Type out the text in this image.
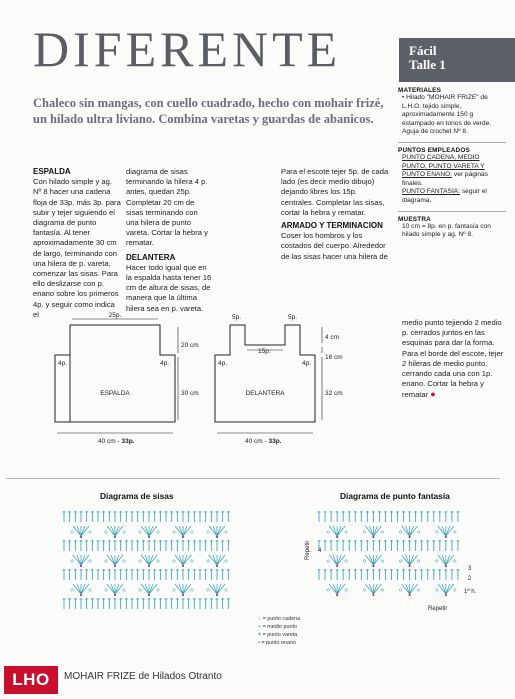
DIFERENTE	Fácil
Talle 1
Chaleco sin mangas, con cuello cuadrado, hecho con mohair frizé, un hilado ultra liviano. Combina varetas y guardas de abanicos.
ESPALDA
Con hilado simple y ag. Nº 8 hacer una cadena floja de 33p. más 3p. para subir y tejer siguiendo el diagrama de punto fantasía. Al tener aproximadamente 30 cm de largo, terminando con una hilera de p. vareta, comenzar las sisas. Para ello deslizarse con p. enano sobre los primeros 4p. y seguir como indica el
diagrama de sisas terminando la hilera 4 p. antes, quedan 25p. Completar 20 cm de sisas terminando con una hilera de punto vareta. Cortar la hebra y rematar.
DELANTERA
Hacer todo igual que en la espalda hasta tener 16 cm de altura de sisas, de manera que la última hilera sea en p. vareta.
Para el escote tejer 5p. de cada lado (es decir medio dibujo) dejando libres los 15p. centrales. Completar las sisas, cortar la hebra y rematar.
ARMADO Y TERMINACION
Coser los hombros y los costados del cuerpo. Alrededor de las sisas hacer una hilera de
medio punto tejiendo 2 medio p. cerrados juntos en las esquinas para dar la forma. Para el borde del escote, tejer 2 hileras de medio punto, cerrando cada una con 1p. enano. Cortar la hebra y rematar ●
MATERIALES
• Hilado "MOHAIR FRIZE" de L.H.O. tejido simple, aproximadamente 150 g estampado en tonos de verde. Aguja de crochet Nº 8.
PUNTOS EMPLEADOS
PUNTO CADENA, MEDIO PUNTO, PUNTO VARETA Y PUNTO ENANO: ver páginas finales.
PUNTO FANTASIA: seguir el diagrama.
MUESTRA
10 cm = 8p. en p. fantasía con hilado simple y ag. Nº 8.
25p.
4p.	4p.
20 cm
30 cm
ESPALDA
40 cm - 33p.
5p.	5p.
15p.
4p.	4p.
4 cm
16 cm
32 cm
DELANTERA
40 cm - 33p.
Diagrama de sisas	Diagrama de punto fantasía
Repetir
Repetir
4
3
2
1ª h.
○ = punto cadena
+ = medio punto
ǂ = punto vareta
• = punto enano
LHO	MOHAIR FRIZE de Hilados Otranto
